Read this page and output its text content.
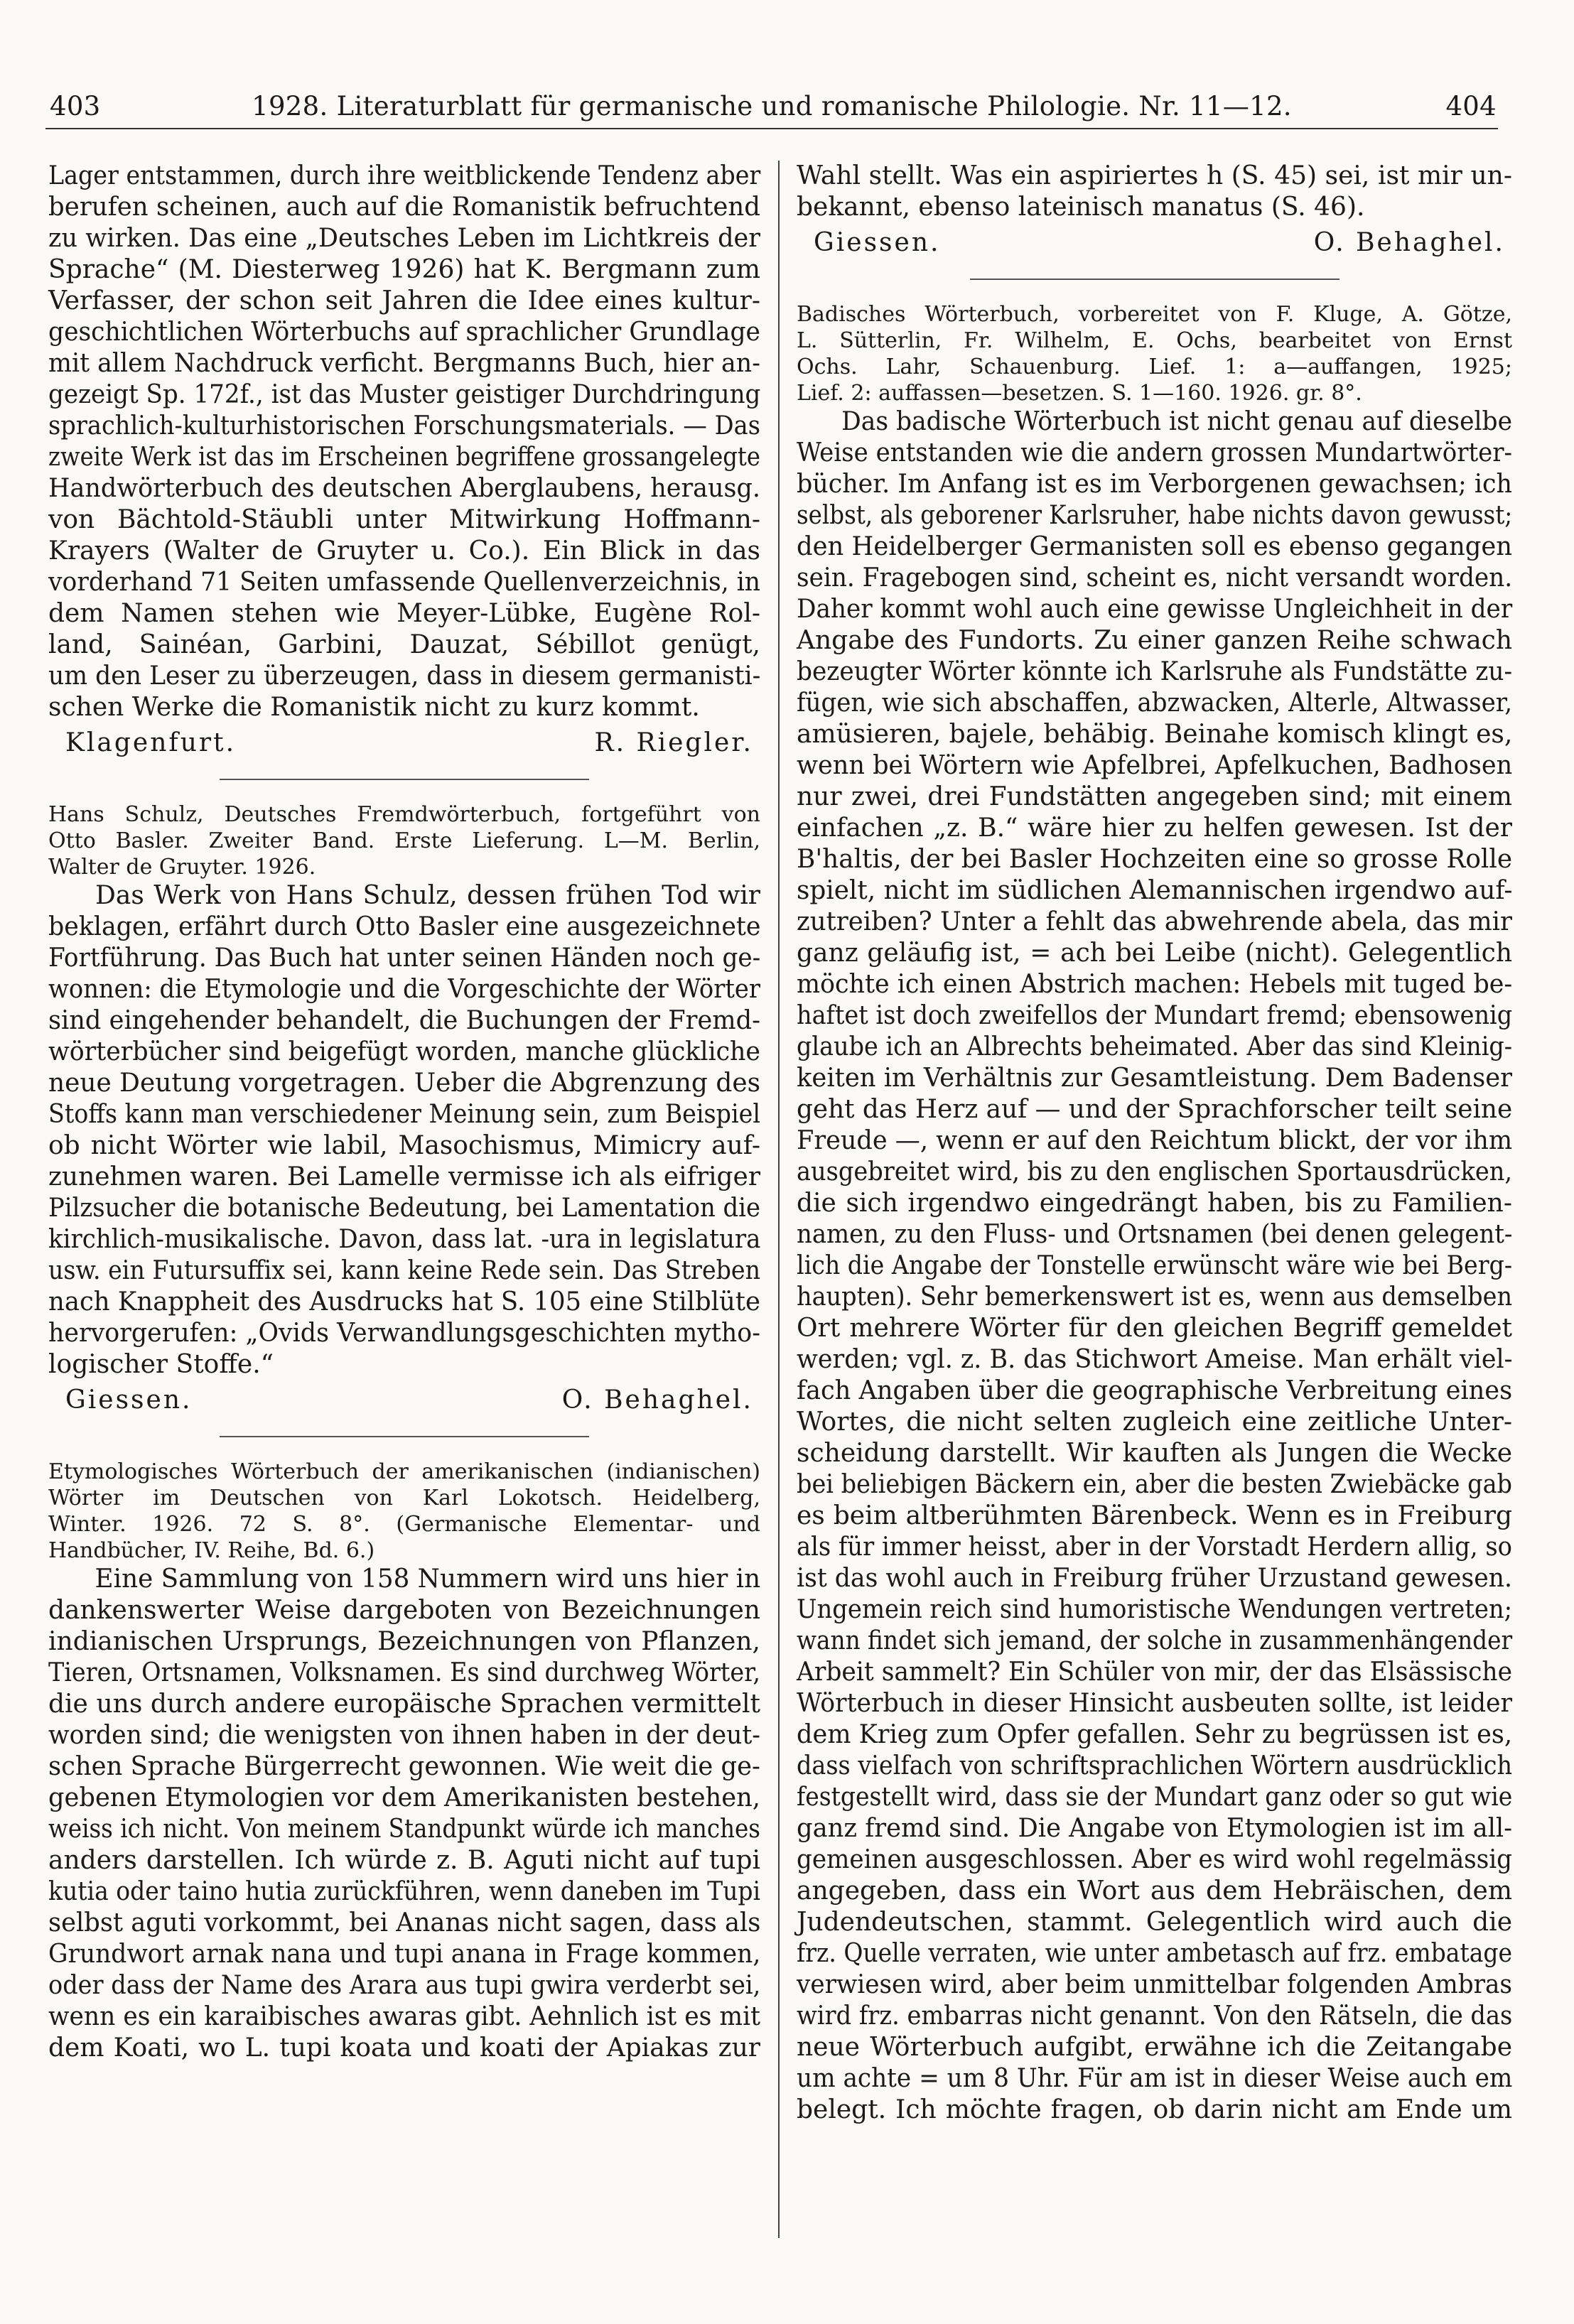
403	1928. Literaturblatt für germanische und romanische Philologie. Nr. 11—12.	404
Lager entstammen, durch ihre weitblickende Tendenz aber
berufen scheinen, auch auf die Romanistik befruchtend
zu wirken. Das eine „Deutsches Leben im Lichtkreis der
Sprache“ (M. Diesterweg 1926) hat K. Bergmann zum
Verfasser, der schon seit Jahren die Idee eines kultur-
geschichtlichen Wörterbuchs auf sprachlicher Grundlage
mit allem Nachdruck verficht. Bergmanns Buch, hier an-
gezeigt Sp. 172f., ist das Muster geistiger Durchdringung
sprachlich-kulturhistorischen Forschungsmaterials. — Das
zweite Werk ist das im Erscheinen begriffene grossangelegte
Handwörterbuch des deutschen Aberglaubens, herausg.
von Bächtold-Stäubli unter Mitwirkung Hoffmann-
Krayers (Walter de Gruyter u. Co.). Ein Blick in das
vorderhand 71 Seiten umfassende Quellenverzeichnis, in
dem Namen stehen wie Meyer-Lübke, Eugène Rol-
land, Sainéan, Garbini, Dauzat, Sébillot genügt,
um den Leser zu überzeugen, dass in diesem germanisti-
schen Werke die Romanistik nicht zu kurz kommt.
Klagenfurt.	R. Riegler.
Hans Schulz, Deutsches Fremdwörterbuch, fortgeführt von
Otto Basler. Zweiter Band. Erste Lieferung. L—M. Berlin,
Walter de Gruyter. 1926.
Das Werk von Hans Schulz, dessen frühen Tod wir
beklagen, erfährt durch Otto Basler eine ausgezeichnete
Fortführung. Das Buch hat unter seinen Händen noch ge-
wonnen: die Etymologie und die Vorgeschichte der Wörter
sind eingehender behandelt, die Buchungen der Fremd-
wörterbücher sind beigefügt worden, manche glückliche
neue Deutung vorgetragen. Ueber die Abgrenzung des
Stoffs kann man verschiedener Meinung sein, zum Beispiel
ob nicht Wörter wie labil, Masochismus, Mimicry auf-
zunehmen waren. Bei Lamelle vermisse ich als eifriger
Pilzsucher die botanische Bedeutung, bei Lamentation die
kirchlich-musikalische. Davon, dass lat. -ura in legislatura
usw. ein Futursuffix sei, kann keine Rede sein. Das Streben
nach Knappheit des Ausdrucks hat S. 105 eine Stilblüte
hervorgerufen: „Ovids Verwandlungsgeschichten mytho-
logischer Stoffe.“
Giessen.	O. Behaghel.
Etymologisches Wörterbuch der amerikanischen (indianischen)
Wörter im Deutschen von Karl Lokotsch. Heidelberg,
Winter. 1926. 72 S. 8°. (Germanische Elementar- und
Handbücher, IV. Reihe, Bd. 6.)
Eine Sammlung von 158 Nummern wird uns hier in
dankenswerter Weise dargeboten von Bezeichnungen
indianischen Ursprungs, Bezeichnungen von Pflanzen,
Tieren, Ortsnamen, Volksnamen. Es sind durchweg Wörter,
die uns durch andere europäische Sprachen vermittelt
worden sind; die wenigsten von ihnen haben in der deut-
schen Sprache Bürgerrecht gewonnen. Wie weit die ge-
gebenen Etymologien vor dem Amerikanisten bestehen,
weiss ich nicht. Von meinem Standpunkt würde ich manches
anders darstellen. Ich würde z. B. Aguti nicht auf tupi
kutia oder taino hutia zurückführen, wenn daneben im Tupi
selbst aguti vorkommt, bei Ananas nicht sagen, dass als
Grundwort arnak nana und tupi anana in Frage kommen,
oder dass der Name des Arara aus tupi gwira verderbt sei,
wenn es ein karaibisches awaras gibt. Aehnlich ist es mit
dem Koati, wo L. tupi koata und koati der Apiakas zur
Wahl stellt. Was ein aspiriertes h (S. 45) sei, ist mir un-
bekannt, ebenso lateinisch manatus (S. 46).
Giessen.	O. Behaghel.
Badisches Wörterbuch, vorbereitet von F. Kluge, A. Götze,
L. Sütterlin, Fr. Wilhelm, E. Ochs, bearbeitet von Ernst
Ochs. Lahr, Schauenburg. Lief. 1: a—auffangen, 1925;
Lief. 2: auffassen—besetzen. S. 1—160. 1926. gr. 8°.
Das badische Wörterbuch ist nicht genau auf dieselbe
Weise entstanden wie die andern grossen Mundartwörter-
bücher. Im Anfang ist es im Verborgenen gewachsen; ich
selbst, als geborener Karlsruher, habe nichts davon gewusst;
den Heidelberger Germanisten soll es ebenso gegangen
sein. Fragebogen sind, scheint es, nicht versandt worden.
Daher kommt wohl auch eine gewisse Ungleichheit in der
Angabe des Fundorts. Zu einer ganzen Reihe schwach
bezeugter Wörter könnte ich Karlsruhe als Fundstätte zu-
fügen, wie sich abschaffen, abzwacken, Alterle, Altwasser,
amüsieren, bajele, behäbig. Beinahe komisch klingt es,
wenn bei Wörtern wie Apfelbrei, Apfelkuchen, Badhosen
nur zwei, drei Fundstätten angegeben sind; mit einem
einfachen „z. B.“ wäre hier zu helfen gewesen. Ist der
B'haltis, der bei Basler Hochzeiten eine so grosse Rolle
spielt, nicht im südlichen Alemannischen irgendwo auf-
zutreiben? Unter a fehlt das abwehrende abela, das mir
ganz geläufig ist, = ach bei Leibe (nicht). Gelegentlich
möchte ich einen Abstrich machen: Hebels mit tuged be-
haftet ist doch zweifellos der Mundart fremd; ebensowenig
glaube ich an Albrechts beheimated. Aber das sind Kleinig-
keiten im Verhältnis zur Gesamtleistung. Dem Badenser
geht das Herz auf — und der Sprachforscher teilt seine
Freude —, wenn er auf den Reichtum blickt, der vor ihm
ausgebreitet wird, bis zu den englischen Sportausdrücken,
die sich irgendwo eingedrängt haben, bis zu Familien-
namen, zu den Fluss- und Ortsnamen (bei denen gelegent-
lich die Angabe der Tonstelle erwünscht wäre wie bei Berg-
haupten). Sehr bemerkenswert ist es, wenn aus demselben
Ort mehrere Wörter für den gleichen Begriff gemeldet
werden; vgl. z. B. das Stichwort Ameise. Man erhält viel-
fach Angaben über die geographische Verbreitung eines
Wortes, die nicht selten zugleich eine zeitliche Unter-
scheidung darstellt. Wir kauften als Jungen die Wecke
bei beliebigen Bäckern ein, aber die besten Zwiebäcke gab
es beim altberühmten Bärenbeck. Wenn es in Freiburg
als für immer heisst, aber in der Vorstadt Herdern allig, so
ist das wohl auch in Freiburg früher Urzustand gewesen.
Ungemein reich sind humoristische Wendungen vertreten;
wann findet sich jemand, der solche in zusammenhängender
Arbeit sammelt? Ein Schüler von mir, der das Elsässische
Wörterbuch in dieser Hinsicht ausbeuten sollte, ist leider
dem Krieg zum Opfer gefallen. Sehr zu begrüssen ist es,
dass vielfach von schriftsprachlichen Wörtern ausdrücklich
festgestellt wird, dass sie der Mundart ganz oder so gut wie
ganz fremd sind. Die Angabe von Etymologien ist im all-
gemeinen ausgeschlossen. Aber es wird wohl regelmässig
angegeben, dass ein Wort aus dem Hebräischen, dem
Judendeutschen, stammt. Gelegentlich wird auch die
frz. Quelle verraten, wie unter ambetasch auf frz. embatage
verwiesen wird, aber beim unmittelbar folgenden Ambras
wird frz. embarras nicht genannt. Von den Rätseln, die das
neue Wörterbuch aufgibt, erwähne ich die Zeitangabe
um achte = um 8 Uhr. Für am ist in dieser Weise auch em
belegt. Ich möchte fragen, ob darin nicht am Ende um
